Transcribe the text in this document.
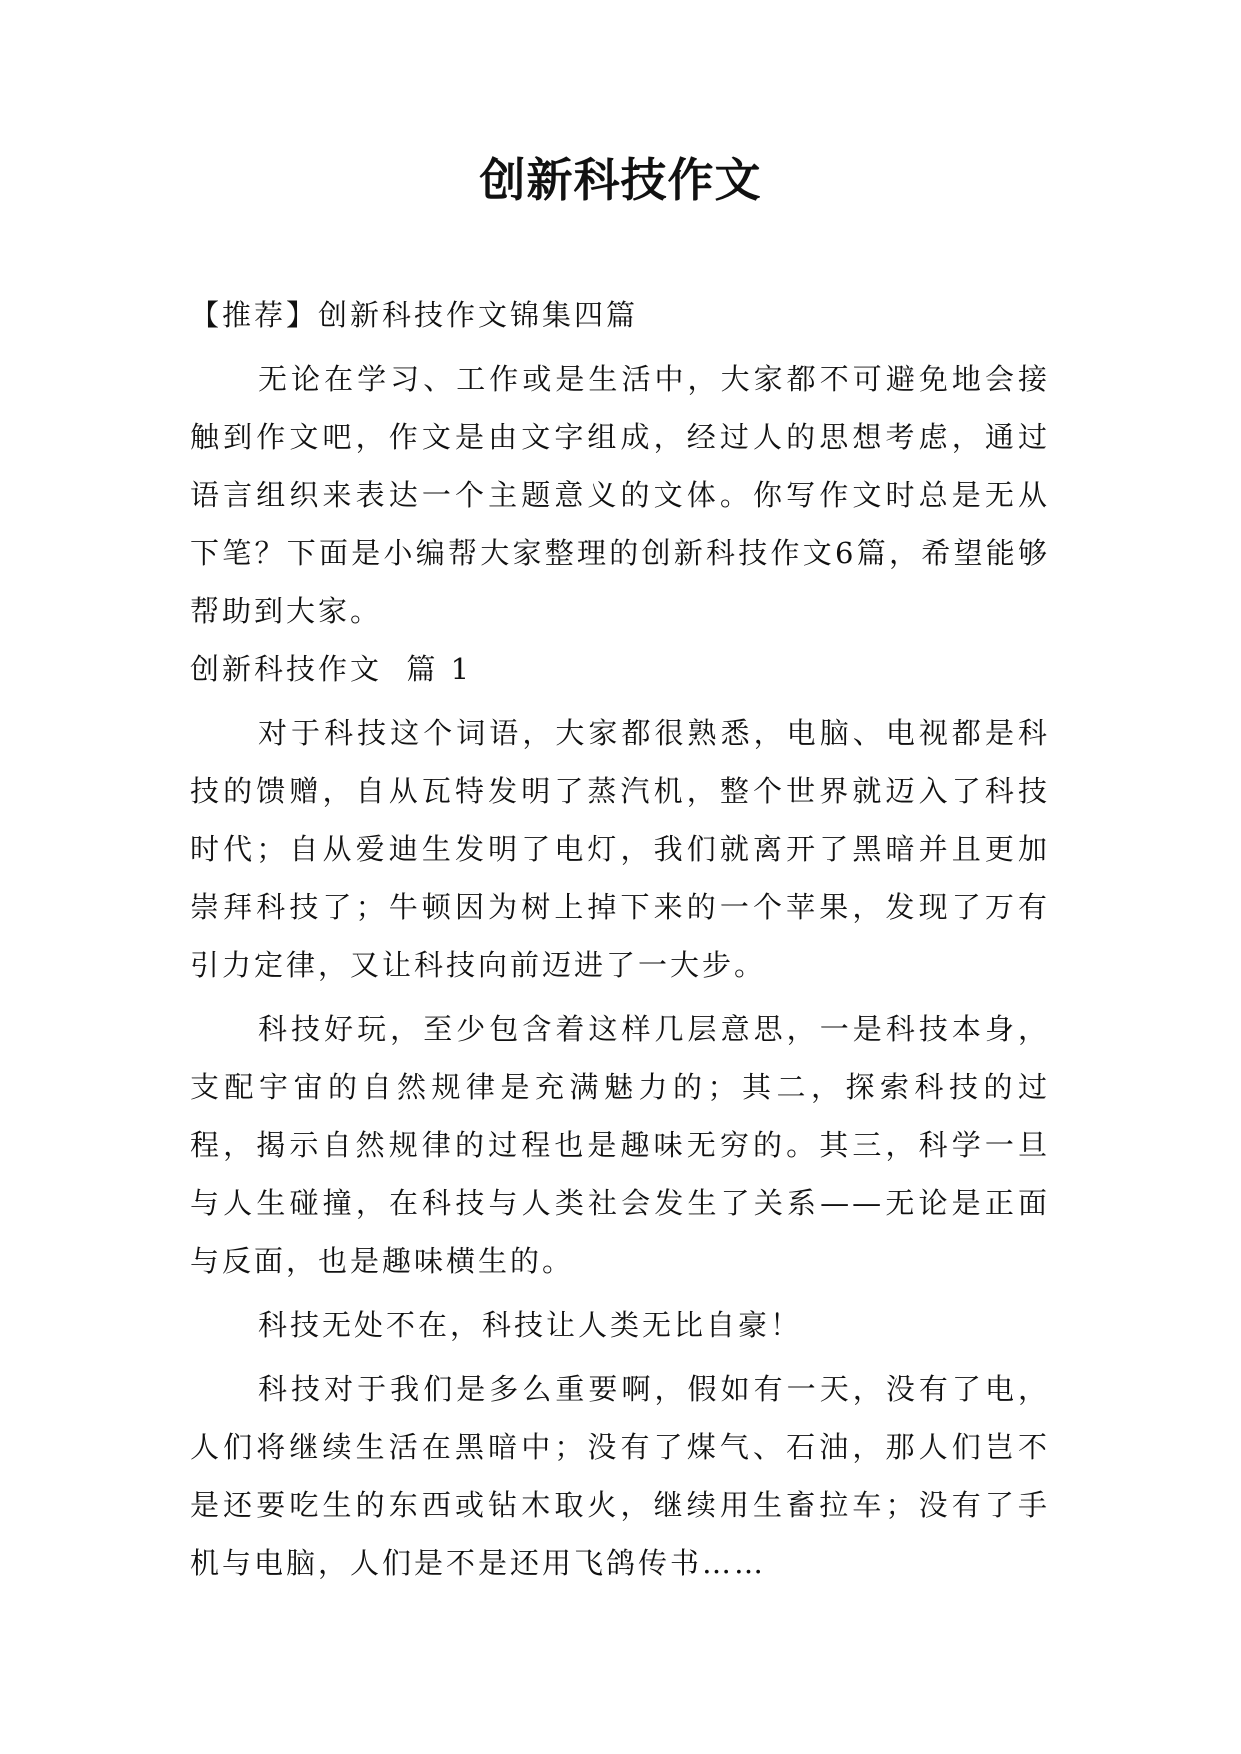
创新科技作文

【推荐】创新科技作文锦集四篇

无论在学习、工作或是生活中，大家都不可避免地会接触到作文吧，作文是由文字组成，经过人的思想考虑，通过语言组织来表达一个主题意义的文体。你写作文时总是无从下笔？下面是小编帮大家整理的创新科技作文6篇，希望能够帮助到大家。

创新科技作文  篇 1

对于科技这个词语，大家都很熟悉，电脑、电视都是科技的馈赠，自从瓦特发明了蒸汽机，整个世界就迈入了科技时代；自从爱迪生发明了电灯，我们就离开了黑暗并且更加崇拜科技了；牛顿因为树上掉下来的一个苹果，发现了万有引力定律，又让科技向前迈进了一大步。

科技好玩，至少包含着这样几层意思，一是科技本身，支配宇宙的自然规律是充满魅力的；其二，探索科技的过程，揭示自然规律的过程也是趣味无穷的。其三，科学一旦与人生碰撞，在科技与人类社会发生了关系——无论是正面与反面，也是趣味横生的。

科技无处不在，科技让人类无比自豪！

科技对于我们是多么重要啊，假如有一天，没有了电，人们将继续生活在黑暗中；没有了煤气、石油，那人们岂不是还要吃生的东西或钻木取火，继续用生畜拉车；没有了手机与电脑，人们是不是还用飞鸽传书……
